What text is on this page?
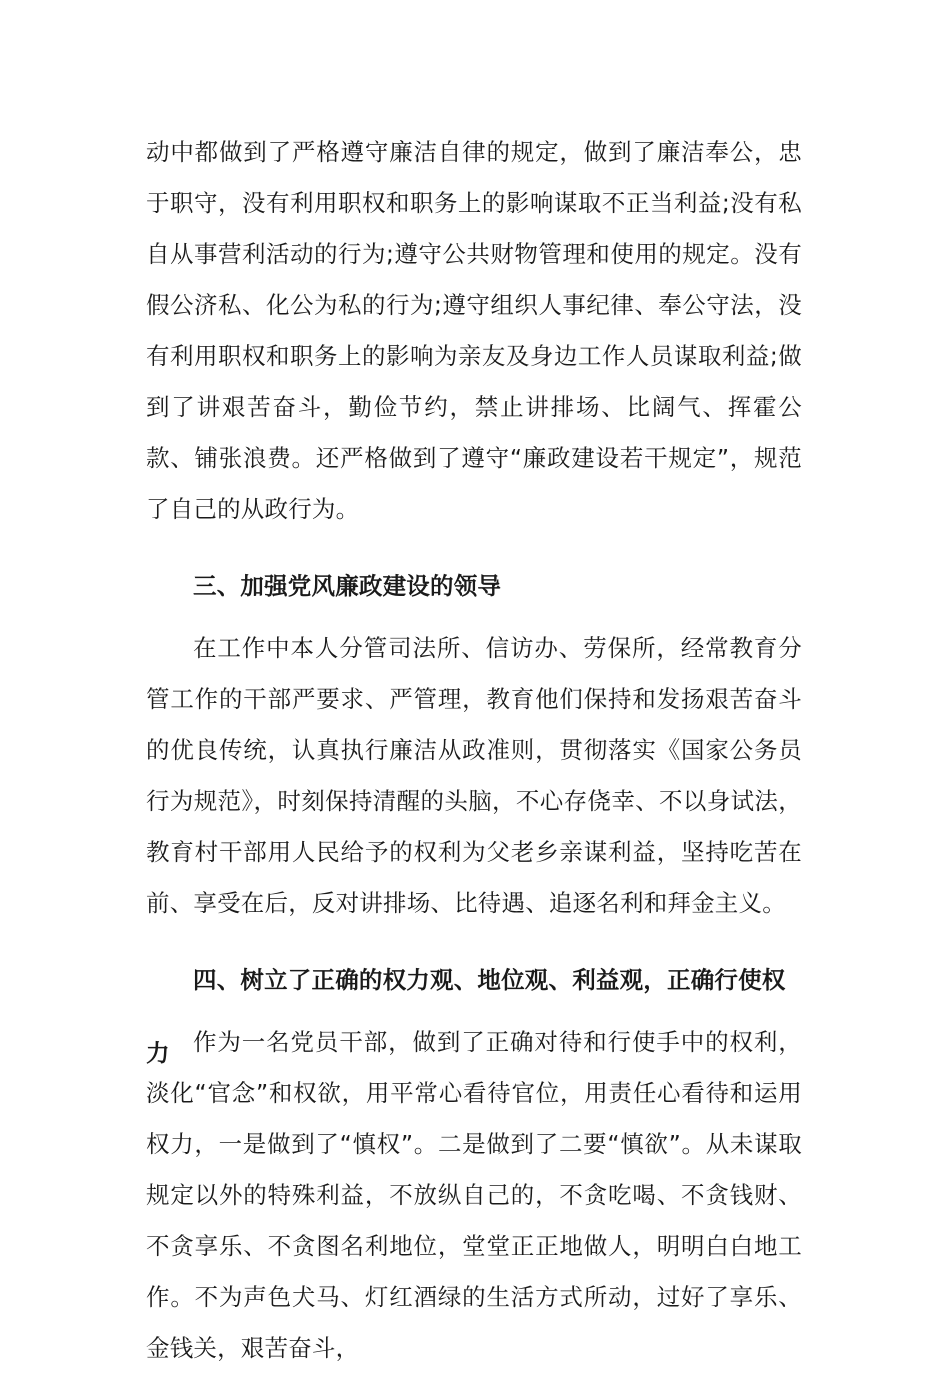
动中都做到了严格遵守廉洁自律的规定，做到了廉洁奉公，忠于职守，没有利用职权和职务上的影响谋取不正当利益;没有私自从事营利活动的行为;遵守公共财物管理和使用的规定。没有假公济私、化公为私的行为;遵守组织人事纪律、奉公守法，没有利用职权和职务上的影响为亲友及身边工作人员谋取利益;做到了讲艰苦奋斗，勤俭节约，禁止讲排场、比阔气、挥霍公款、铺张浪费。还严格做到了遵守“廉政建设若干规定”，规范了自己的从政行为。

三、加强党风廉政建设的领导

在工作中本人分管司法所、信访办、劳保所，经常教育分管工作的干部严要求、严管理，教育他们保持和发扬艰苦奋斗的优良传统，认真执行廉洁从政准则，贯彻落实《国家公务员行为规范》，时刻保持清醒的头脑，不心存侥幸、不以身试法，教育村干部用人民给予的权利为父老乡亲谋利益，坚持吃苦在前、享受在后，反对讲排场、比待遇、追逐名利和拜金主义。

四、树立了正确的权力观、地位观、利益观，正确行使权力 作为一名党员干部，做到了正确对待和行使手中的权利，淡化“官念”和权欲，用平常心看待官位，用责任心看待和运用权力，一是做到了“慎权”。二是做到了二要“慎欲”。从未谋取规定以外的特殊利益，不放纵自己的，不贪吃喝、不贪钱财、不贪享乐、不贪图名利地位，堂堂正正地做人，明明白白地工作。不为声色犬马、灯红酒绿的生活方式所动，过好了享乐、金钱关，艰苦奋斗，
